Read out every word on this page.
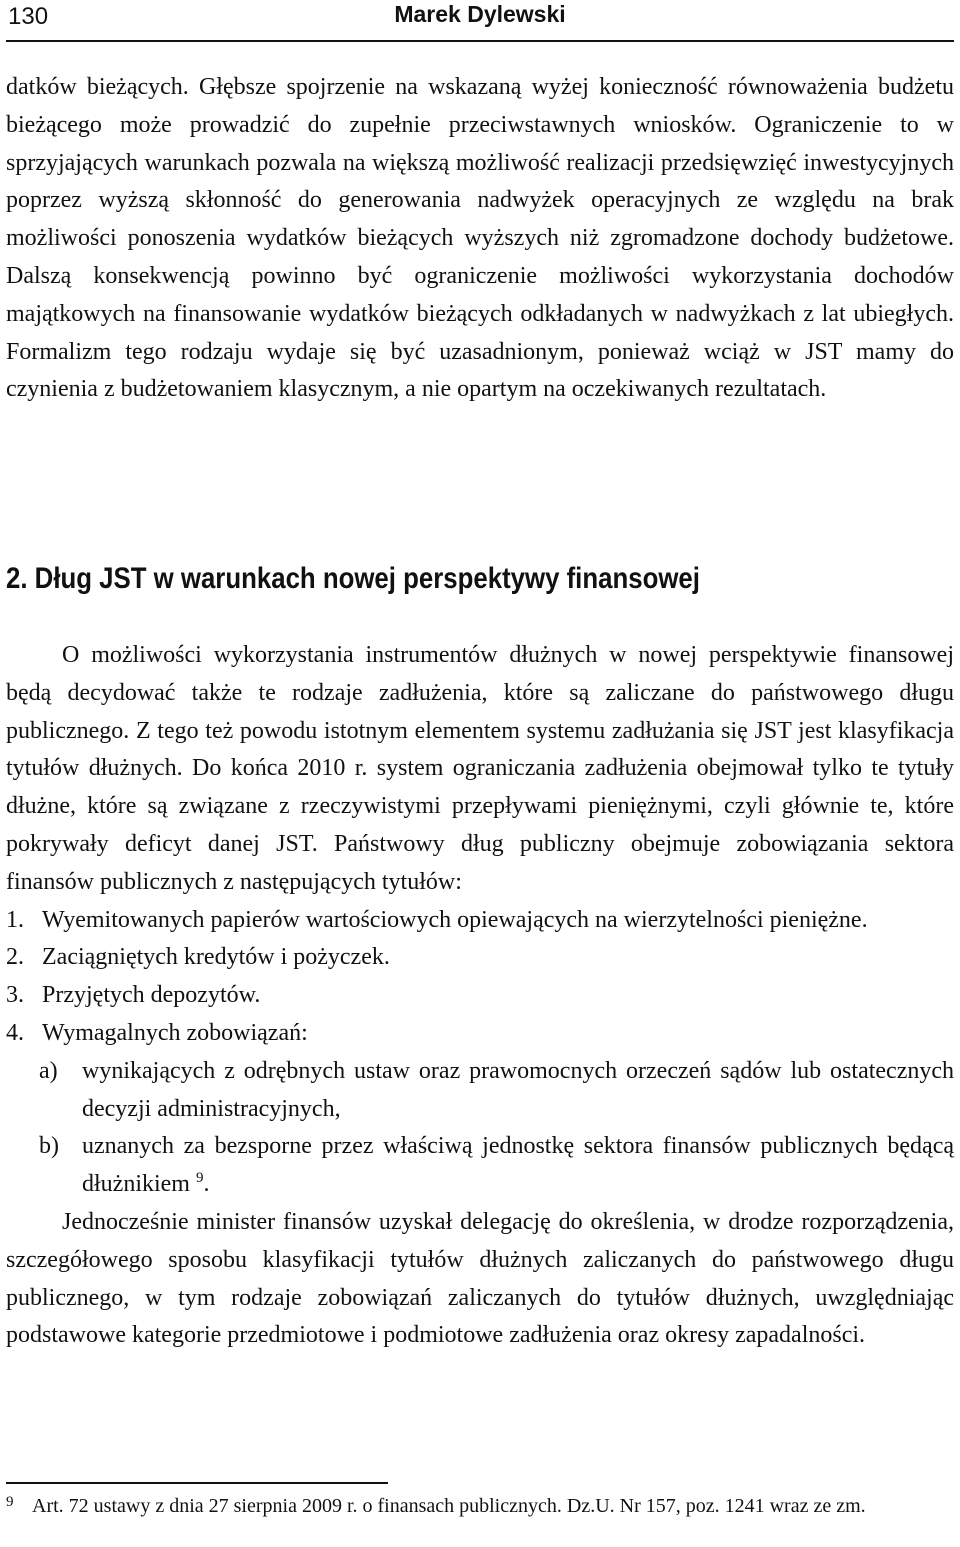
130	Marek Dylewski

datków bieżących. Głębsze spojrzenie na wskazaną wyżej konieczność równoważenia budżetu bieżącego może prowadzić do zupełnie przeciwstawnych wniosków. Ograniczenie to w sprzyjających warunkach pozwala na większą możliwość realizacji przedsięwzięć inwestycyjnych poprzez wyższą skłonność do generowania nadwyżek operacyjnych ze względu na brak możliwości ponoszenia wydatków bieżących wyższych niż zgromadzone dochody budżetowe. Dalszą konsekwencją powinno być ograniczenie możliwości wykorzystania dochodów majątkowych na finansowanie wydatków bieżących odkładanych w nadwyżkach z lat ubiegłych. Formalizm tego rodzaju wydaje się być uzasadnionym, ponieważ wciąż w JST mamy do czynienia z budżetowaniem klasycznym, a nie opartym na oczekiwanych rezultatach.

2. Dług JST w warunkach nowej perspektywy finansowej

O możliwości wykorzystania instrumentów dłużnych w nowej perspektywie finansowej będą decydować także te rodzaje zadłużenia, które są zaliczane do państwowego długu publicznego. Z tego też powodu istotnym elementem systemu zadłużania się JST jest klasyfikacja tytułów dłużnych. Do końca 2010 r. system ograniczania zadłużenia obejmował tylko te tytuły dłużne, które są związane z rzeczywistymi przepływami pieniężnymi, czyli głównie te, które pokrywały deficyt danej JST. Państwowy dług publiczny obejmuje zobowiązania sektora finansów publicznych z następujących tytułów:

1. Wyemitowanych papierów wartościowych opiewających na wierzytelności pieniężne.
2. Zaciągniętych kredytów i pożyczek.
3. Przyjętych depozytów.
4. Wymagalnych zobowiązań:
a) wynikających z odrębnych ustaw oraz prawomocnych orzeczeń sądów lub ostatecznych decyzji administracyjnych,
b) uznanych za bezsporne przez właściwą jednostkę sektora finansów publicznych będącą dłużnikiem $^9$.

Jednocześnie minister finansów uzyskał delegację do określenia, w drodze rozporządzenia, szczegółowego sposobu klasyfikacji tytułów dłużnych zaliczanych do państwowego długu publicznego, w tym rodzaje zobowiązań zaliczanych do tytułów dłużnych, uwzględniając podstawowe kategorie przedmiotowe i podmiotowe zadłużenia oraz okresy zapadalności.

9 Art. 72 ustawy z dnia 27 sierpnia 2009 r. o finansach publicznych. Dz.U. Nr 157, poz. 1241 wraz ze zm.
